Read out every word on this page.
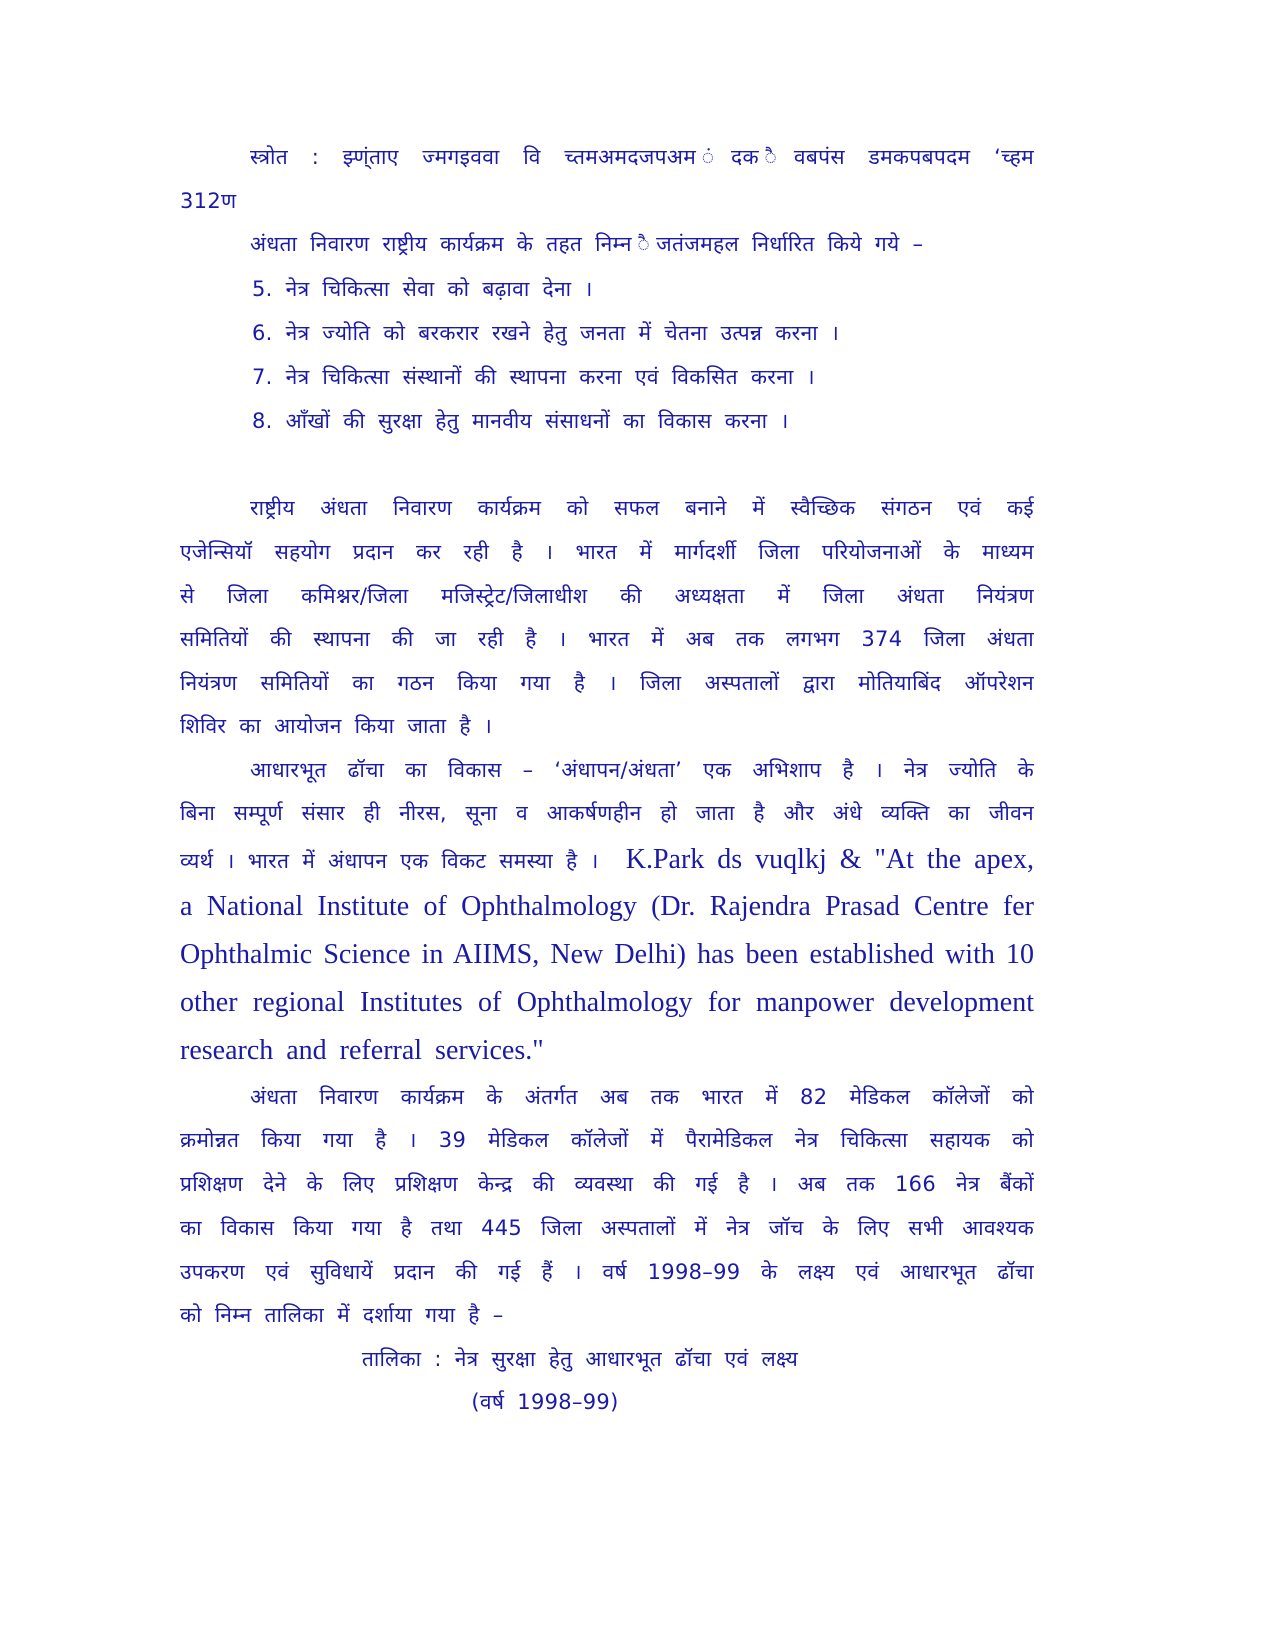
स्त्रोत : झ्ण्ंताए ज्मगइववा वि च्तमअमदजपअम ंदक ैवबपंस डमकपबपदम ‘च्हम
312ण
अंधता निवारण राष्ट्रीय कार्यक्रम के तहत निम्न ैजतंजमहल निर्धारित किये गये –
5. नेत्र चिकित्सा सेवा को बढ़ावा देना ।
6. नेत्र ज्योति को बरकरार रखने हेतु जनता में चेतना उत्पन्न करना ।
7. नेत्र चिकित्सा संस्थानों की स्थापना करना एवं विकसित करना ।
8. आँखों की सुरक्षा हेतु मानवीय संसाधनों का विकास करना ।
राष्ट्रीय अंधता निवारण कार्यक्रम को सफल बनाने में स्वैच्छिक संगठन एवं कई
एजेन्सियॉ सहयोग प्रदान कर रही है । भारत में मार्गदर्शी जिला परियोजनाओं के माध्यम
से जिला कमिश्नर/जिला मजिस्ट्रेट/जिलाधीश की अध्यक्षता में जिला अंधता नियंत्रण
समितियों की स्थापना की जा रही है । भारत में अब तक लगभग 374 जिला अंधता
नियंत्रण समितियों का गठन किया गया है । जिला अस्पतालों द्वारा मोतियाबिंद ऑपरेशन
शिविर का आयोजन किया जाता है ।
आधारभूत ढॉचा का विकास – ‘अंधापन/अंधता’ एक अभिशाप है । नेत्र ज्योति के
बिना सम्पूर्ण संसार ही नीरस, सूना व आकर्षणहीन हो जाता है और अंधे व्यक्ति का जीवन
व्यर्थ । भारत में अंधापन एक विकट समस्या है । K.Park ds vuqlkj & "At the apex,
a National Institute of Ophthalmology (Dr. Rajendra Prasad Centre fer
Ophthalmic Science in AIIMS, New Delhi) has been established with 10
other regional Institutes of Ophthalmology for manpower development
research and referral services."
अंधता निवारण कार्यक्रम के अंतर्गत अब तक भारत में 82 मेडिकल कॉलेजों को
क्रमोन्नत किया गया है । 39 मेडिकल कॉलेजों में पैरामेडिकल नेत्र चिकित्सा सहायक को
प्रशिक्षण देने के लिए प्रशिक्षण केन्द्र की व्यवस्था की गई है । अब तक 166 नेत्र बैंकों
का विकास किया गया है तथा 445 जिला अस्पतालों में नेत्र जॉच के लिए सभी आवश्यक
उपकरण एवं सुविधायें प्रदान की गई हैं । वर्ष 1998–99 के लक्ष्य एवं आधारभूत ढॉचा
को निम्न तालिका में दर्शाया गया है –
तालिका : नेत्र सुरक्षा हेतु आधारभूत ढॉचा एवं लक्ष्य
(वर्ष 1998–99)
